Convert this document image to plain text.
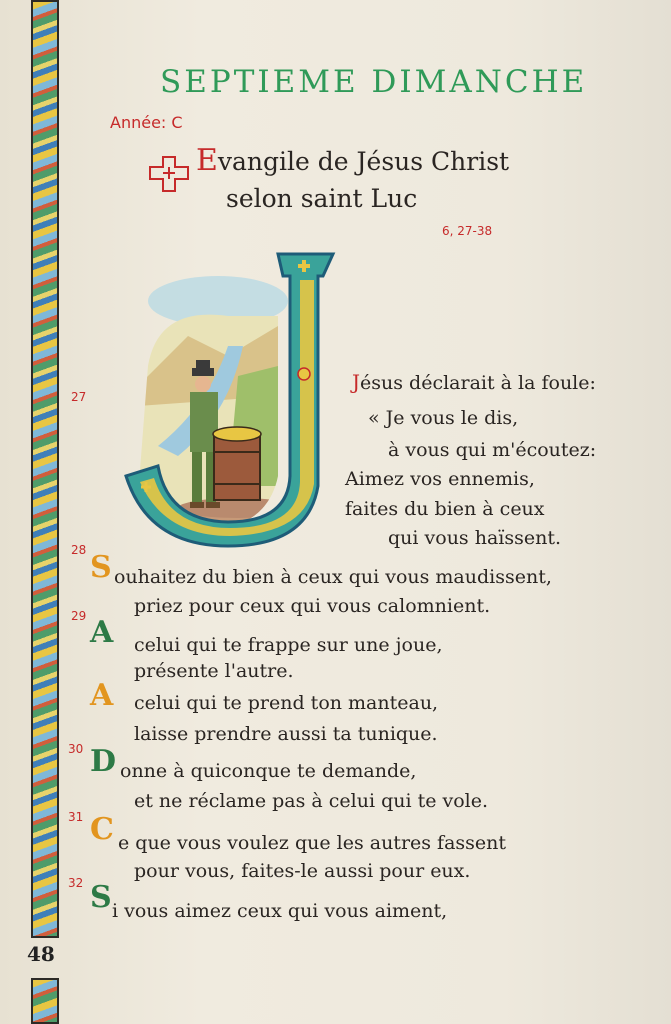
48
SEPTIEME DIMANCHE
Année: C
Evangile de Jésus Christ
selon saint Luc
6, 27-38
27
Jésus déclarait à la foule:
« Je vous le dis,
à vous qui m'écoutez:
Aimez vos ennemis,
faites du bien à ceux
qui vous haïssent.
28 S ouhaitez du bien à ceux qui vous maudissent,
priez pour ceux qui vous calomnient.
29 A celui qui te frappe sur une joue,
présente l'autre.
A celui qui te prend ton manteau,
laisse prendre aussi ta tunique.
30 D onne à quiconque te demande,
et ne réclame pas à celui qui te vole.
31 C e que vous voulez que les autres fassent
pour vous, faites-le aussi pour eux.
32 S i vous aimez ceux qui vous aiment,
